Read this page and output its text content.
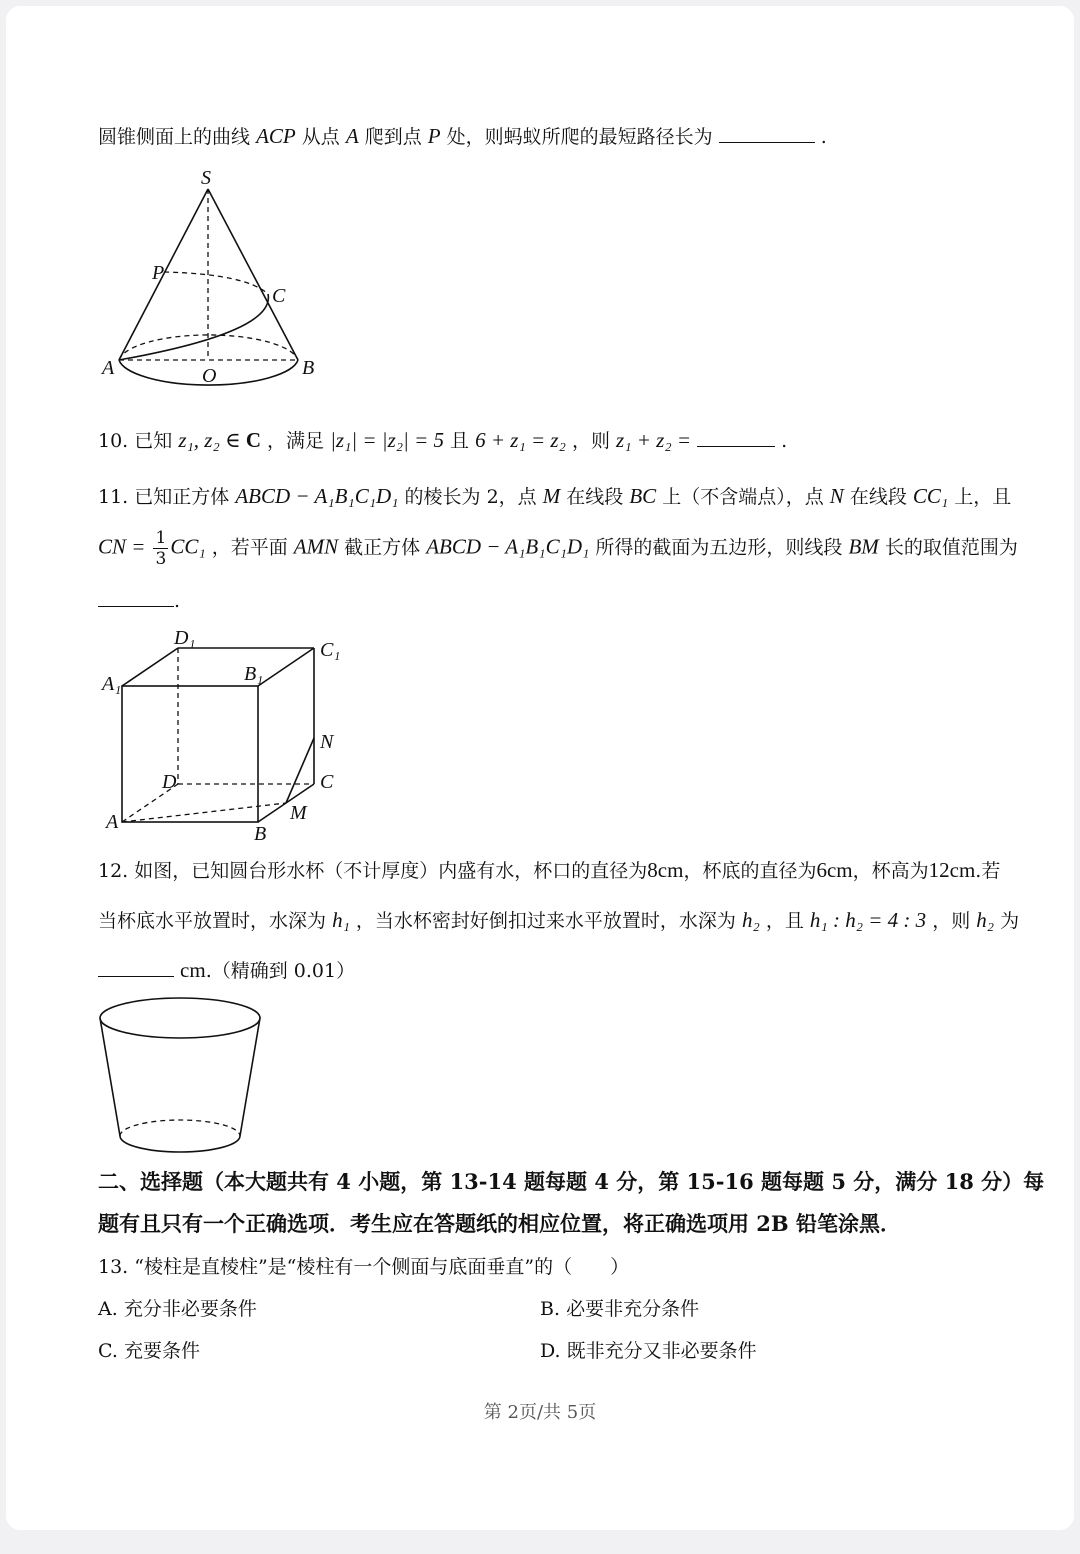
圆锥侧面上的曲线 ACP 从点 A 爬到点 P 处，则蚂蚁所爬的最短路径长为	.
S
P
C
A	O	B
10. 已知 z₁, z₂ ∈ C ，满足 |z₁| = |z₂| = 5 且 6 + z₁ = z₂ ，则 z₁ + z₂ =	.
11. 已知正方体 ABCD − A₁B₁C₁D₁ 的棱长为 2，点 M 在线段 BC 上（不含端点），点 N 在线段 CC₁ 上，且
CN = $\frac{1}{3} CC_1$ ，若平面 AMN 截正方体 ABCD − A₁B₁C₁D₁ 所得的截面为五边形，则线段 BM 长的取值范围为
.
D₁
C₁
A₁	B₁
N
D	C
A	M
B
12. 如图，已知圆台形水杯（不计厚度）内盛有水，杯口的直径为8cm，杯底的直径为6cm，杯高为12cm.若
当杯底水平放置时，水深为 h₁ ，当水杯密封好倒扣过来水平放置时，水深为 h₂ ，且 h₁ : h₂ = 4 : 3 ，则 h₂ 为
cm.（精确到 0.01）
二、选择题（本大题共有 4 小题，第 13-14 题每题 4 分，第 15-16 题每题 5 分，满分 18 分）每
题有且只有一个正确选项．考生应在答题纸的相应位置，将正确选项用 2B 铅笔涂黑．
13. “棱柱是直棱柱”是“棱柱有一个侧面与底面垂直”的（　　）
A. 充分非必要条件	B. 必要非充分条件
C. 充要条件	D. 既非充分又非必要条件
第 2页/共 5页
